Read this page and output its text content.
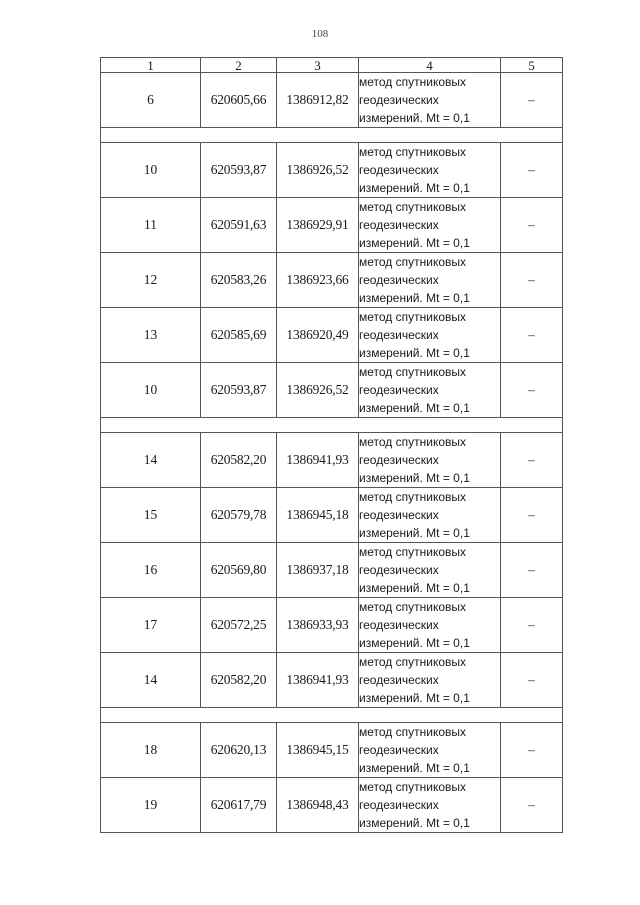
108
1	2	3	4	5
6	620605,66	1386912,82	метод спутниковых
геодезических
измерений. Mt = 0,1	–

10	620593,87	1386926,52	метод спутниковых
геодезических
измерений. Mt = 0,1	–
11	620591,63	1386929,91	метод спутниковых
геодезических
измерений. Mt = 0,1	–
12	620583,26	1386923,66	метод спутниковых
геодезических
измерений. Mt = 0,1	–
13	620585,69	1386920,49	метод спутниковых
геодезических
измерений. Mt = 0,1	–
10	620593,87	1386926,52	метод спутниковых
геодезических
измерений. Mt = 0,1	–

14	620582,20	1386941,93	метод спутниковых
геодезических
измерений. Mt = 0,1	–
15	620579,78	1386945,18	метод спутниковых
геодезических
измерений. Mt = 0,1	–
16	620569,80	1386937,18	метод спутниковых
геодезических
измерений. Mt = 0,1	–
17	620572,25	1386933,93	метод спутниковых
геодезических
измерений. Mt = 0,1	–
14	620582,20	1386941,93	метод спутниковых
геодезических
измерений. Mt = 0,1	–

18	620620,13	1386945,15	метод спутниковых
геодезических
измерений. Mt = 0,1	–
19	620617,79	1386948,43	метод спутниковых
геодезических
измерений. Mt = 0,1	–
